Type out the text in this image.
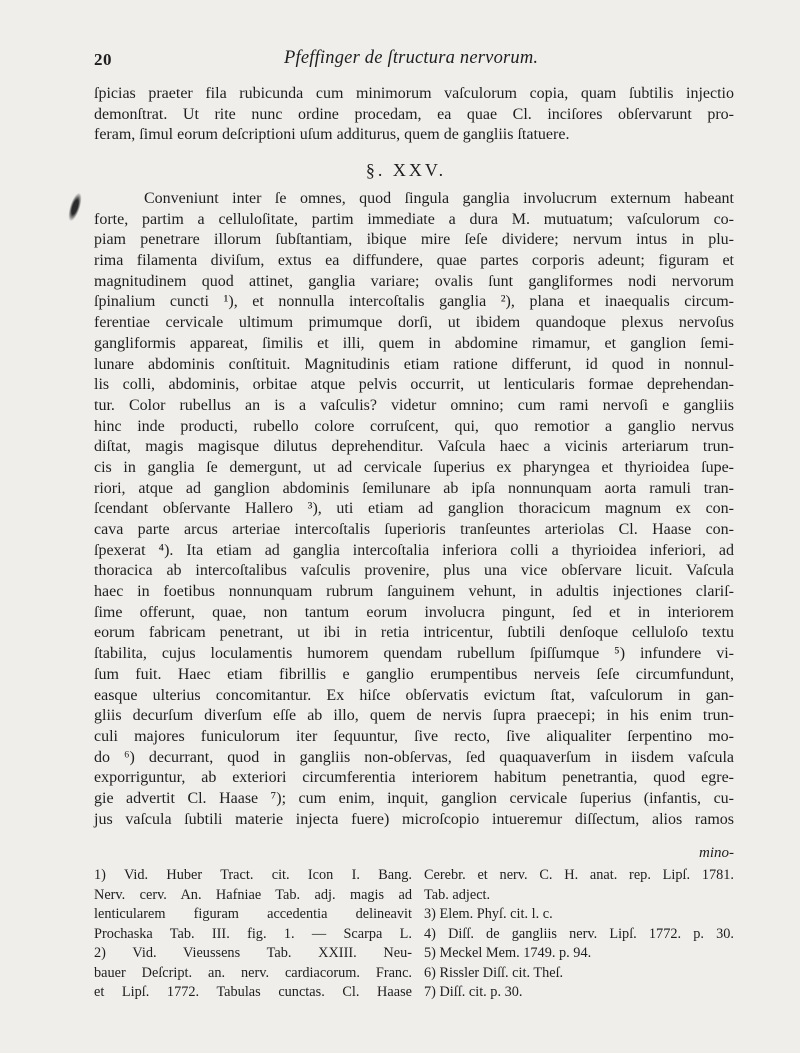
20	Pfeffinger de ſtructura nervorum.
ſpicias praeter fila rubicunda cum minimorum vaſculorum copia, quam ſubtilis injectio
demonſtrat. Ut rite nunc ordine procedam, ea quae Cl. inciſores obſervarunt pro-
feram, ſimul eorum deſcriptioni uſum additurus, quem de gangliis ſtatuere.
§. XXV.
Conveniunt inter ſe omnes, quod ſingula ganglia involucrum externum habeant
forte, partim a celluloſitate, partim immediate a dura M. mutuatum; vaſculorum co-
piam penetrare illorum ſubſtantiam, ibique mire ſeſe dividere; nervum intus in plu-
rima filamenta diviſum, extus ea diffundere, quae partes corporis adeunt; figuram et
magnitudinem quod attinet, ganglia variare; ovalis ſunt gangliformes nodi nervorum
ſpinalium cuncti ¹), et nonnulla intercoſtalis ganglia ²), plana et inaequalis circum-
ferentiae cervicale ultimum primumque dorſi, ut ibidem quandoque plexus nervoſus
gangliformis appareat, ſimilis et illi, quem in abdomine rimamur, et ganglion ſemi-
lunare abdominis conſtituit. Magnitudinis etiam ratione differunt, id quod in nonnul-
lis colli, abdominis, orbitae atque pelvis occurrit, ut lenticularis formae deprehendan-
tur. Color rubellus an is a vaſculis? videtur omnino; cum rami nervoſi e gangliis
hinc inde producti, rubello colore corruſcent, qui, quo remotior a ganglio nervus
diſtat, magis magisque dilutus deprehenditur. Vaſcula haec a vicinis arteriarum trun-
cis in ganglia ſe demergunt, ut ad cervicale ſuperius ex pharyngea et thyrioidea ſupe-
riori, atque ad ganglion abdominis ſemilunare ab ipſa nonnunquam aorta ramuli tran-
ſcendant obſervante Hallero ³), uti etiam ad ganglion thoracicum magnum ex con-
cava parte arcus arteriae intercoſtalis ſuperioris tranſeuntes arteriolas Cl. Haase con-
ſpexerat ⁴). Ita etiam ad ganglia intercoſtalia inferiora colli a thyrioidea inferiori, ad
thoracica ab intercoſtalibus vaſculis provenire, plus una vice obſervare licuit. Vaſcula
haec in foetibus nonnunquam rubrum ſanguinem vehunt, in adultis injectiones clariſ-
ſime offerunt, quae, non tantum eorum involucra pingunt, ſed et in interiorem
eorum fabricam penetrant, ut ibi in retia intricentur, ſubtili denſoque celluloſo textu
ſtabilita, cujus loculamentis humorem quendam rubellum ſpiſſumque ⁵) infundere vi-
ſum fuit. Haec etiam fibrillis e ganglio erumpentibus nerveis ſeſe circumfundunt,
easque ulterius concomitantur. Ex hiſce obſervatis evictum ſtat, vaſculorum in gan-
gliis decurſum diverſum eſſe ab illo, quem de nervis ſupra praecepi; in his enim trun-
culi majores funiculorum iter ſequuntur, ſive recto, ſive aliqualiter ſerpentino mo-
do ⁶) decurrant, quod in gangliis non-obſervas, ſed quaquaverſum in iisdem vaſcula
exporriguntur, ab exteriori circumferentia interiorem habitum penetrantia, quod egre-
gie advertit Cl. Haase ⁷); cum enim, inquit, ganglion cervicale ſuperius (infantis, cu-
jus vaſcula ſubtili materie injecta fuere) microſcopio intueremur diſſectum, alios ramos
mino-
1) Vid. Huber Tract. cit. Icon I. Bang.
Nerv. cerv. An. Hafniae Tab. adj. magis ad
lenticularem figuram accedentia delineavit
Prochaska Tab. III. fig. 1. — Scarpa L.
2) Vid. Vieussens Tab. XXIII. Neu-
bauer Deſcript. an. nerv. cardiacorum. Franc.
et Lipſ. 1772. Tabulas cunctas. Cl. Haase
Cerebr. et nerv. C. H. anat. rep. Lipſ. 1781.
Tab. adject.
3) Elem. Phyſ. cit. l. c.
4) Diſſ. de gangliis nerv. Lipſ. 1772. p. 30.
5) Meckel Mem. 1749. p. 94.
6) Rissler Diſſ. cit. Theſ.
7) Diſſ. cit. p. 30.
